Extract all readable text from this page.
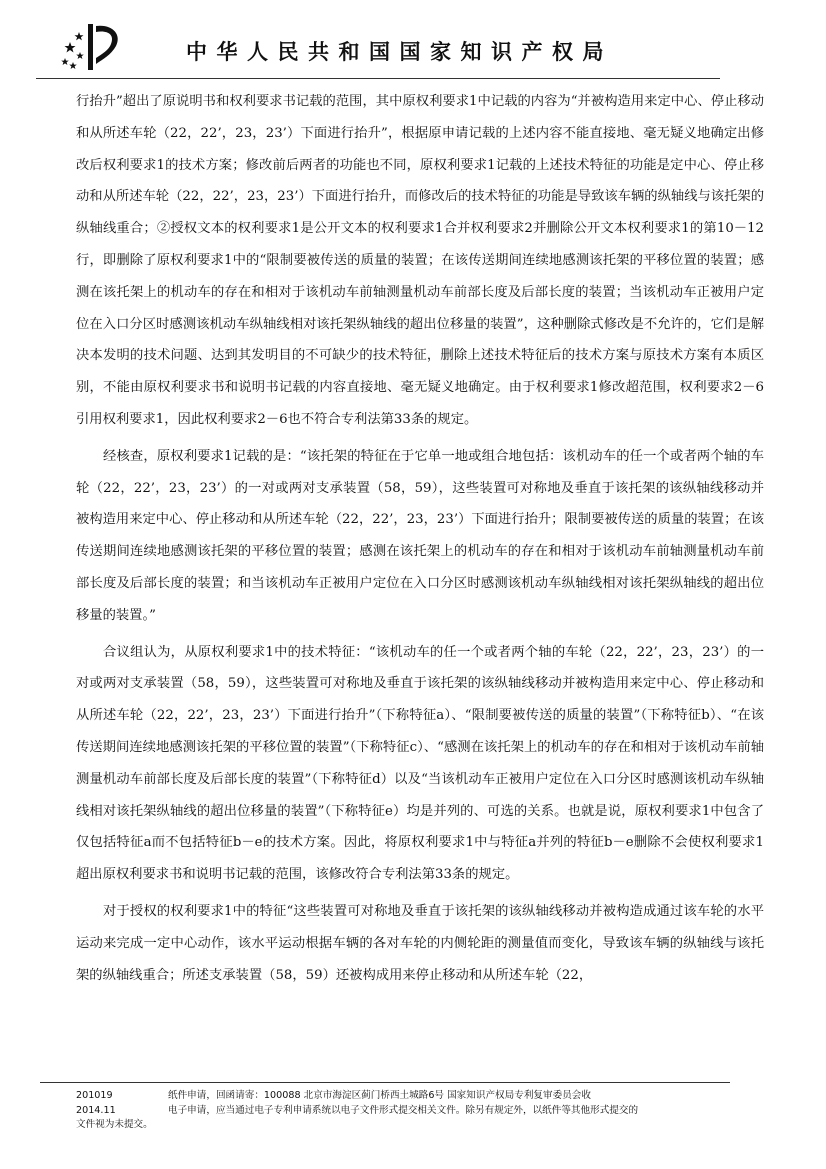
中华人民共和国国家知识产权局

行抬升”超出了原说明书和权利要求书记载的范围，其中原权利要求1中记载的内容为“并被构造用来定中心、停止移动和从所述车轮（22，22’，23，23’）下面进行抬升”，根据原申请记载的上述内容不能直接地、毫无疑义地确定出修改后权利要求1的技术方案；修改前后两者的功能也不同，原权利要求1记载的上述技术特征的功能是定中心、停止移动和从所述车轮（22，22’，23，23’）下面进行抬升，而修改后的技术特征的功能是导致该车辆的纵轴线与该托架的纵轴线重合；②授权文本的权利要求1是公开文本的权利要求1合并权利要求2并删除公开文本权利要求1的第10－12行，即删除了原权利要求1中的“限制要被传送的质量的装置；在该传送期间连续地感测该托架的平移位置的装置；感测在该托架上的机动车的存在和相对于该机动车前轴测量机动车前部长度及后部长度的装置；当该机动车正被用户定位在入口分区时感测该机动车纵轴线相对该托架纵轴线的超出位移量的装置”，这种删除式修改是不允许的，它们是解决本发明的技术问题、达到其发明目的不可缺少的技术特征，删除上述技术特征后的技术方案与原技术方案有本质区别，不能由原权利要求书和说明书记载的内容直接地、毫无疑义地确定。由于权利要求1修改超范围，权利要求2－6引用权利要求1，因此权利要求2－6也不符合专利法第33条的规定。

经核查，原权利要求1记载的是：“该托架的特征在于它单一地或组合地包括：该机动车的任一个或者两个轴的车轮（22，22’，23，23’）的一对或两对支承装置（58，59），这些装置可对称地及垂直于该托架的该纵轴线移动并被构造用来定中心、停止移动和从所述车轮（22，22’，23，23’）下面进行抬升；限制要被传送的质量的装置；在该传送期间连续地感测该托架的平移位置的装置；感测在该托架上的机动车的存在和相对于该机动车前轴测量机动车前部长度及后部长度的装置；和当该机动车正被用户定位在入口分区时感测该机动车纵轴线相对该托架纵轴线的超出位移量的装置。”

合议组认为，从原权利要求1中的技术特征：“该机动车的任一个或者两个轴的车轮（22，22’，23，23’）的一对或两对支承装置（58，59），这些装置可对称地及垂直于该托架的该纵轴线移动并被构造用来定中心、停止移动和从所述车轮（22，22’，23，23’）下面进行抬升”（下称特征a）、“限制要被传送的质量的装置”（下称特征b）、“在该传送期间连续地感测该托架的平移位置的装置”（下称特征c）、“感测在该托架上的机动车的存在和相对于该机动车前轴测量机动车前部长度及后部长度的装置”（下称特征d）以及“当该机动车正被用户定位在入口分区时感测该机动车纵轴线相对该托架纵轴线的超出位移量的装置”（下称特征e）均是并列的、可选的关系。也就是说，原权利要求1中包含了仅包括特征a而不包括特征b－e的技术方案。因此，将原权利要求1中与特征a并列的特征b－e删除不会使权利要求1超出原权利要求书和说明书记载的范围，该修改符合专利法第33条的规定。

对于授权的权利要求1中的特征“这些装置可对称地及垂直于该托架的该纵轴线移动并被构造成通过该车轮的水平运动来完成一定中心动作，该水平运动根据车辆的各对车轮的内侧轮距的测量值而变化，导致该车辆的纵轴线与该托架的纵轴线重合；所述支承装置（58，59）还被构成用来停止移动和从所述车轮（22，

201019	纸件申请，回函请寄：100088 北京市海淀区蓟门桥西土城路6号 国家知识产权局专利复审委员会收
2014.11	电子申请，应当通过电子专利申请系统以电子文件形式提交相关文件。除另有规定外，以纸件等其他形式提交的
文件视为未提交。
